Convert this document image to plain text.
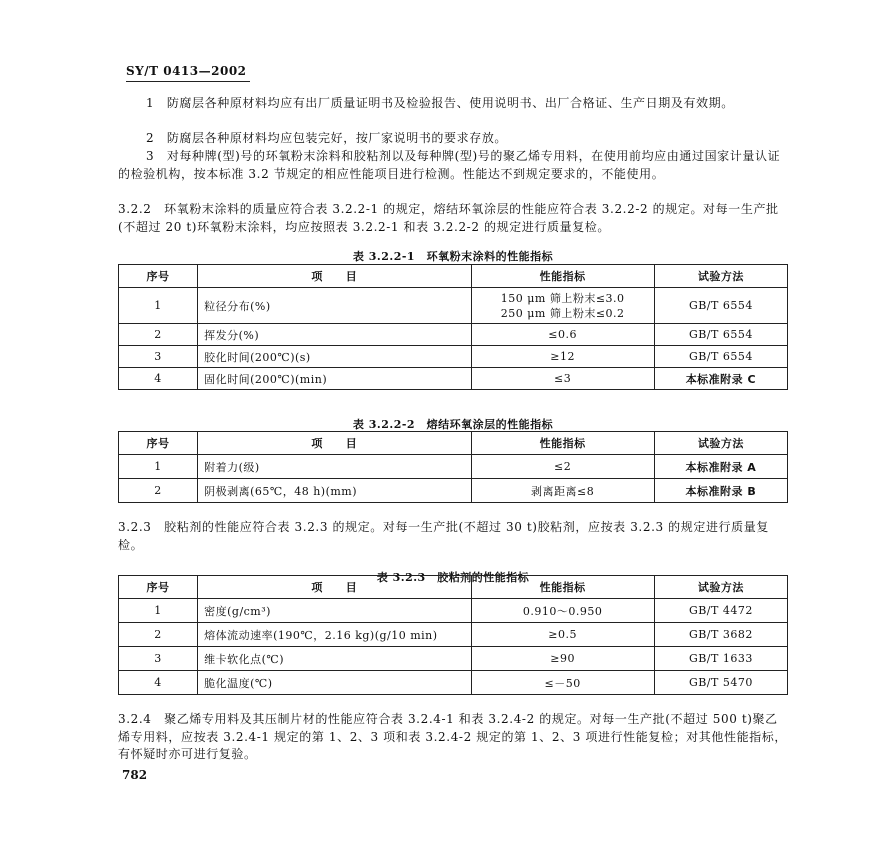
SY/T 0413—2002
1　防腐层各种原材料均应有出厂质量证明书及检验报告、使用说明书、出厂合格证、生产日期及有效期。
2　防腐层各种原材料均应包装完好，按厂家说明书的要求存放。
3　对每种牌(型)号的环氧粉末涂料和胶粘剂以及每种牌(型)号的聚乙烯专用料，在使用前均应由通过国家计量认证的检验机构，按本标准 3.2 节规定的相应性能项目进行检测。性能达不到规定要求的，不能使用。
3.2.2　环氧粉末涂料的质量应符合表 3.2.2-1 的规定，熔结环氧涂层的性能应符合表 3.2.2-2 的规定。对每一生产批(不超过 20 t)环氧粉末涂料，均应按照表 3.2.2-1 和表 3.2.2-2 的规定进行质量复检。
表 3.2.2-1　环氧粉末涂料的性能指标
序号	项　　目	性能指标	试验方法
1	粒径分布(%)	150 μm 筛上粉末≤3.0
250 μm 筛上粉末≤0.2	GB/T 6554
2	挥发分(%)	≤0.6	GB/T 6554
3	胶化时间(200℃)(s)	≥12	GB/T 6554
4	固化时间(200℃)(min)	≤3	本标准附录 C
表 3.2.2-2　熔结环氧涂层的性能指标
序号	项　　目	性能指标	试验方法
1	附着力(级)	≤2	本标准附录 A
2	阴极剥离(65℃，48 h)(mm)	剥离距离≤8	本标准附录 B
3.2.3　胶粘剂的性能应符合表 3.2.3 的规定。对每一生产批(不超过 30 t)胶粘剂，应按表 3.2.3 的规定进行质量复检。
表 3.2.3　胶粘剂的性能指标
序号	项　　目	性能指标	试验方法
1	密度(g/cm³)	0.910～0.950	GB/T 4472
2	熔体流动速率(190℃，2.16 kg)(g/10 min)	≥0.5	GB/T 3682
3	维卡软化点(℃)	≥90	GB/T 1633
4	脆化温度(℃)	≤－50	GB/T 5470
3.2.4　聚乙烯专用料及其压制片材的性能应符合表 3.2.4-1 和表 3.2.4-2 的规定。对每一生产批(不超过 500 t)聚乙烯专用料，应按表 3.2.4-1 规定的第 1、2、3 项和表 3.2.4-2 规定的第 1、2、3 项进行性能复检；对其他性能指标，有怀疑时亦可进行复验。
782
